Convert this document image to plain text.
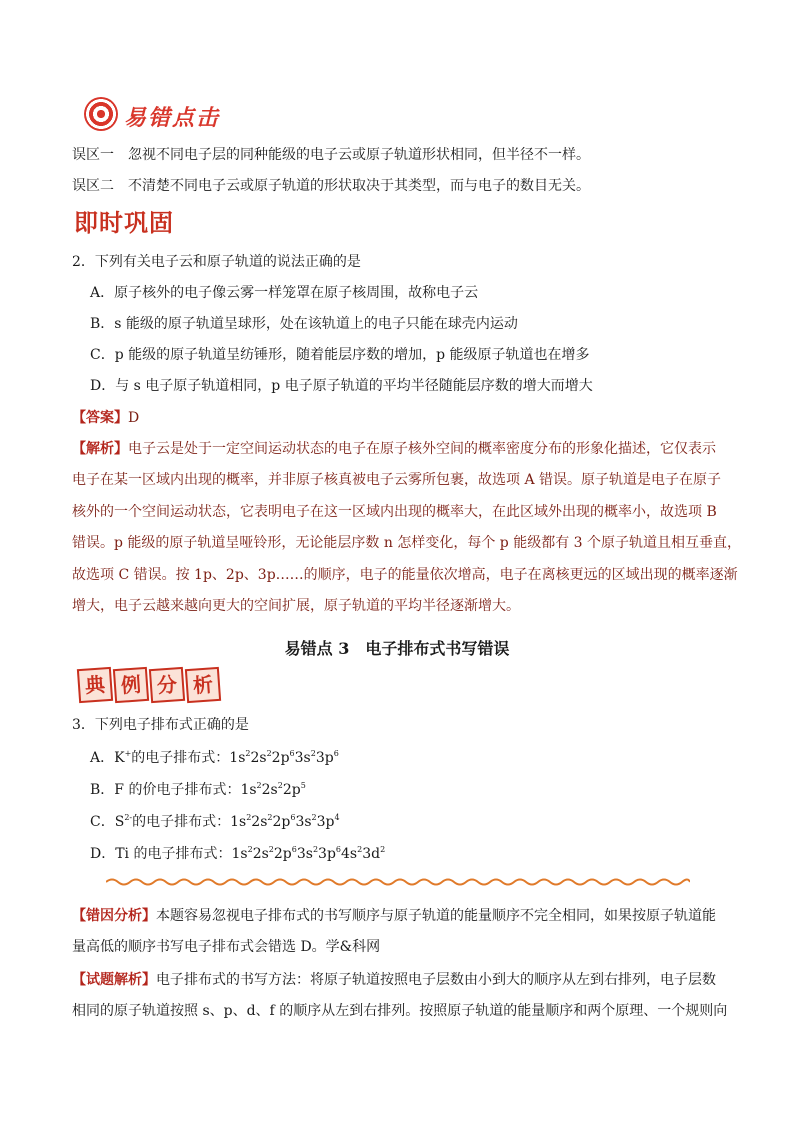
易错点击
误区一 忽视不同电子层的同种能级的电子云或原子轨道形状相同，但半径不一样。
误区二 不清楚不同电子云或原子轨道的形状取决于其类型，而与电子的数目无关。
即时巩固
2．下列有关电子云和原子轨道的说法正确的是
A．原子核外的电子像云雾一样笼罩在原子核周围，故称电子云
B．s 能级的原子轨道呈球形，处在该轨道上的电子只能在球壳内运动
C．p 能级的原子轨道呈纺锤形，随着能层序数的增加，p 能级原子轨道也在增多
D．与 s 电子原子轨道相同，p 电子原子轨道的平均半径随能层序数的增大而增大
【答案】D
【解析】电子云是处于一定空间运动状态的电子在原子核外空间的概率密度分布的形象化描述，它仅表示
电子在某一区域内出现的概率，并非原子核真被电子云雾所包裹，故选项 A 错误。原子轨道是电子在原子
核外的一个空间运动状态，它表明电子在这一区域内出现的概率大，在此区域外出现的概率小，故选项 B
错误。p 能级的原子轨道呈哑铃形，无论能层序数 n 怎样变化，每个 p 能级都有 3 个原子轨道且相互垂直，
故选项 C 错误。按 1p、2p、3p……的顺序，电子的能量依次增高，电子在离核更远的区域出现的概率逐渐
增大，电子云越来越向更大的空间扩展，原子轨道的平均半径逐渐增大。
易错点 3　电子排布式书写错误
典 例 分 析
3．下列电子排布式正确的是
A．K+的电子排布式：$1s^22s^22p^63s^23p^6$
B．F 的价电子排布式：$1s^22s^22p^5$
C．$S^{2-}$的电子排布式：$1s^22s^22p^63s^23p^4$
D．Ti 的电子排布式：$1s^22s^22p^63s^23p^64s^23d^2$
【错因分析】本题容易忽视电子排布式的书写顺序与原子轨道的能量顺序不完全相同，如果按原子轨道能
量高低的顺序书写电子排布式会错选 D。学&科网
【试题解析】电子排布式的书写方法：将原子轨道按照电子层数由小到大的顺序从左到右排列，电子层数
相同的原子轨道按照 s、p、d、f 的顺序从左到右排列。按照原子轨道的能量顺序和两个原理、一个规则向
